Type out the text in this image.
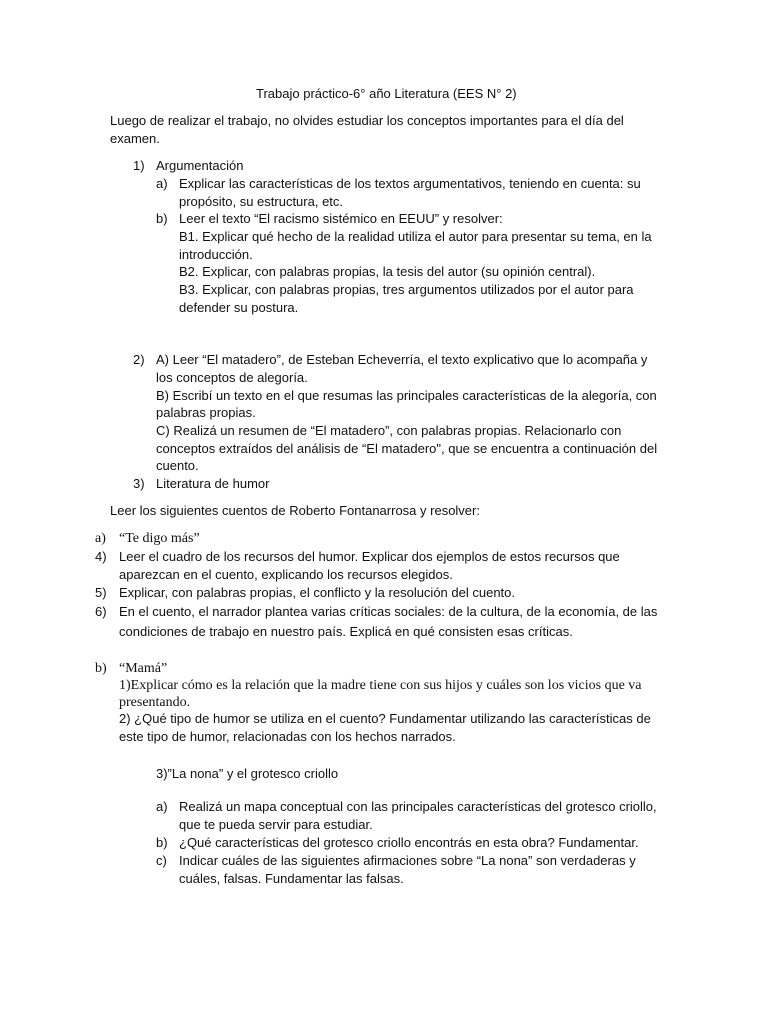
Trabajo práctico-6° año Literatura (EES N° 2)
Luego de realizar el trabajo, no olvides estudiar los conceptos importantes para el día del
examen.
1) Argumentación
a) Explicar las características de los textos argumentativos, teniendo en cuenta: su
propósito, su estructura, etc.
b) Leer el texto “El racismo sistémico en EEUU” y resolver:
B1. Explicar qué hecho de la realidad utiliza el autor para presentar su tema, en la
introducción.
B2. Explicar, con palabras propias, la tesis del autor (su opinión central).
B3. Explicar, con palabras propias, tres argumentos utilizados por el autor para
defender su postura.
2) A) Leer “El matadero”, de Esteban Echeverría, el texto explicativo que lo acompaña y
los conceptos de alegoría.
B) Escribí un texto en el que resumas las principales características de la alegoría, con
palabras propias.
C) Realizá un resumen de “El matadero”, con palabras propias. Relacionarlo con
conceptos extraídos del análisis de “El matadero", que se encuentra a continuación del
cuento.
3) Literatura de humor
Leer los siguientes cuentos de Roberto Fontanarrosa y resolver:
a) “Te digo más”
4) Leer el cuadro de los recursos del humor. Explicar dos ejemplos de estos recursos que
aparezcan en el cuento, explicando los recursos elegidos.
5) Explicar, con palabras propias, el conflicto y la resolución del cuento.
6) En el cuento, el narrador plantea varias críticas sociales: de la cultura, de la economía, de las
condiciones de trabajo en nuestro país. Explicá en qué consisten esas críticas.
b) “Mamá”
1)Explicar cómo es la relación que la madre tiene con sus hijos y cuáles son los vicios que va
presentando.
2) ¿Qué tipo de humor se utiliza en el cuento? Fundamentar utilizando las características de
este tipo de humor, relacionadas con los hechos narrados.
3)”La nona” y el grotesco criollo
a) Realizá un mapa conceptual con las principales características del grotesco criollo,
que te pueda servir para estudiar.
b) ¿Qué características del grotesco criollo encontrás en esta obra? Fundamentar.
c) Indicar cuáles de las siguientes afirmaciones sobre “La nona” son verdaderas y
cuáles, falsas. Fundamentar las falsas.
